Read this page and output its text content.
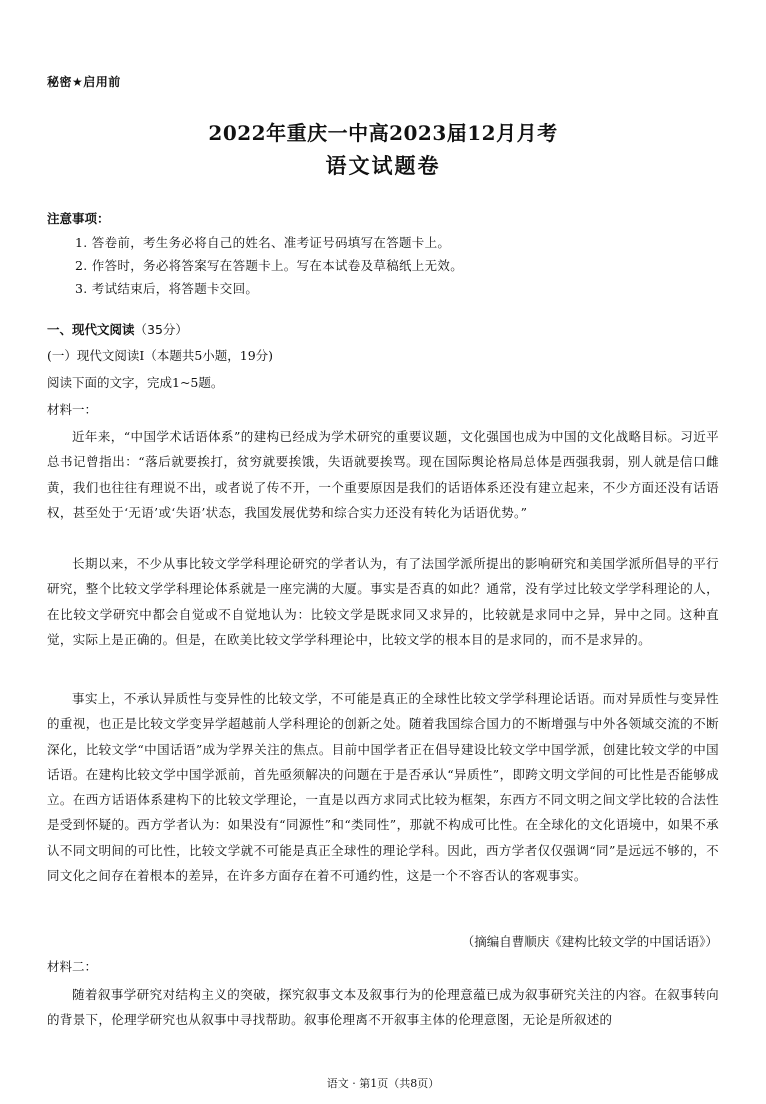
秘密★启用前
2022年重庆一中高2023届12月月考
语文试题卷
注意事项：
1. 答卷前，考生务必将自己的姓名、准考证号码填写在答题卡上。
2. 作答时，务必将答案写在答题卡上。写在本试卷及草稿纸上无效。
3. 考试结束后，将答题卡交回。
一、现代文阅读（35分）
(一）现代文阅读Ⅰ（本题共5小题，19分)
阅读下面的文字，完成1~5题。
材料一：

近年来，“中国学术话语体系”的建构已经成为学术研究的重要议题，文化强国也成为中国的文化战略目标。习近平总书记曾指出：“落后就要挨打，贫穷就要挨饿，失语就要挨骂。现在国际舆论格局总体是西强我弱，别人就是信口雌黄，我们也往往有理说不出，或者说了传不开，一个重要原因是我们的话语体系还没有建立起来，不少方面还没有话语权，甚至处于‘无语’或‘失语’状态，我国发展优势和综合实力还没有转化为话语优势。”

长期以来，不少从事比较文学学科理论研究的学者认为，有了法国学派所提出的影响研究和美国学派所倡导的平行研究，整个比较文学学科理论体系就是一座完满的大厦。事实是否真的如此？通常，没有学过比较文学学科理论的人，在比较文学研究中都会自觉或不自觉地认为：比较文学是既求同又求异的，比较就是求同中之异，异中之同。这种直觉，实际上是正确的。但是，在欧美比较文学学科理论中，比较文学的根本目的是求同的，而不是求异的。

事实上，不承认异质性与变异性的比较文学，不可能是真正的全球性比较文学学科理论话语。而对异质性与变异性的重视，也正是比较文学变异学超越前人学科理论的创新之处。随着我国综合国力的不断增强与中外各领域交流的不断深化，比较文学“中国话语”成为学界关注的焦点。目前中国学者正在倡导建设比较文学中国学派，创建比较文学的中国话语。在建构比较文学中国学派前，首先亟须解决的问题在于是否承认“异质性”，即跨文明文学间的可比性是否能够成立。在西方话语体系建构下的比较文学理论，一直是以西方求同式比较为框架，东西方不同文明之间文学比较的合法性是受到怀疑的。西方学者认为：如果没有“同源性”和“类同性”，那就不构成可比性。在全球化的文化语境中，如果不承认不同文明间的可比性，比较文学就不可能是真正全球性的理论学科。因此，西方学者仅仅强调“同”是远远不够的，不同文化之间存在着根本的差异，在许多方面存在着不可通约性，这是一个不容否认的客观事实。

（摘编自曹顺庆《建构比较文学的中国话语》）
材料二：

随着叙事学研究对结构主义的突破，探究叙事文本及叙事行为的伦理意蕴已成为叙事研究关注的内容。在叙事转向的背景下，伦理学研究也从叙事中寻找帮助。叙事伦理离不开叙事主体的伦理意图，无论是所叙述的

语文 · 第1页（共8页）
